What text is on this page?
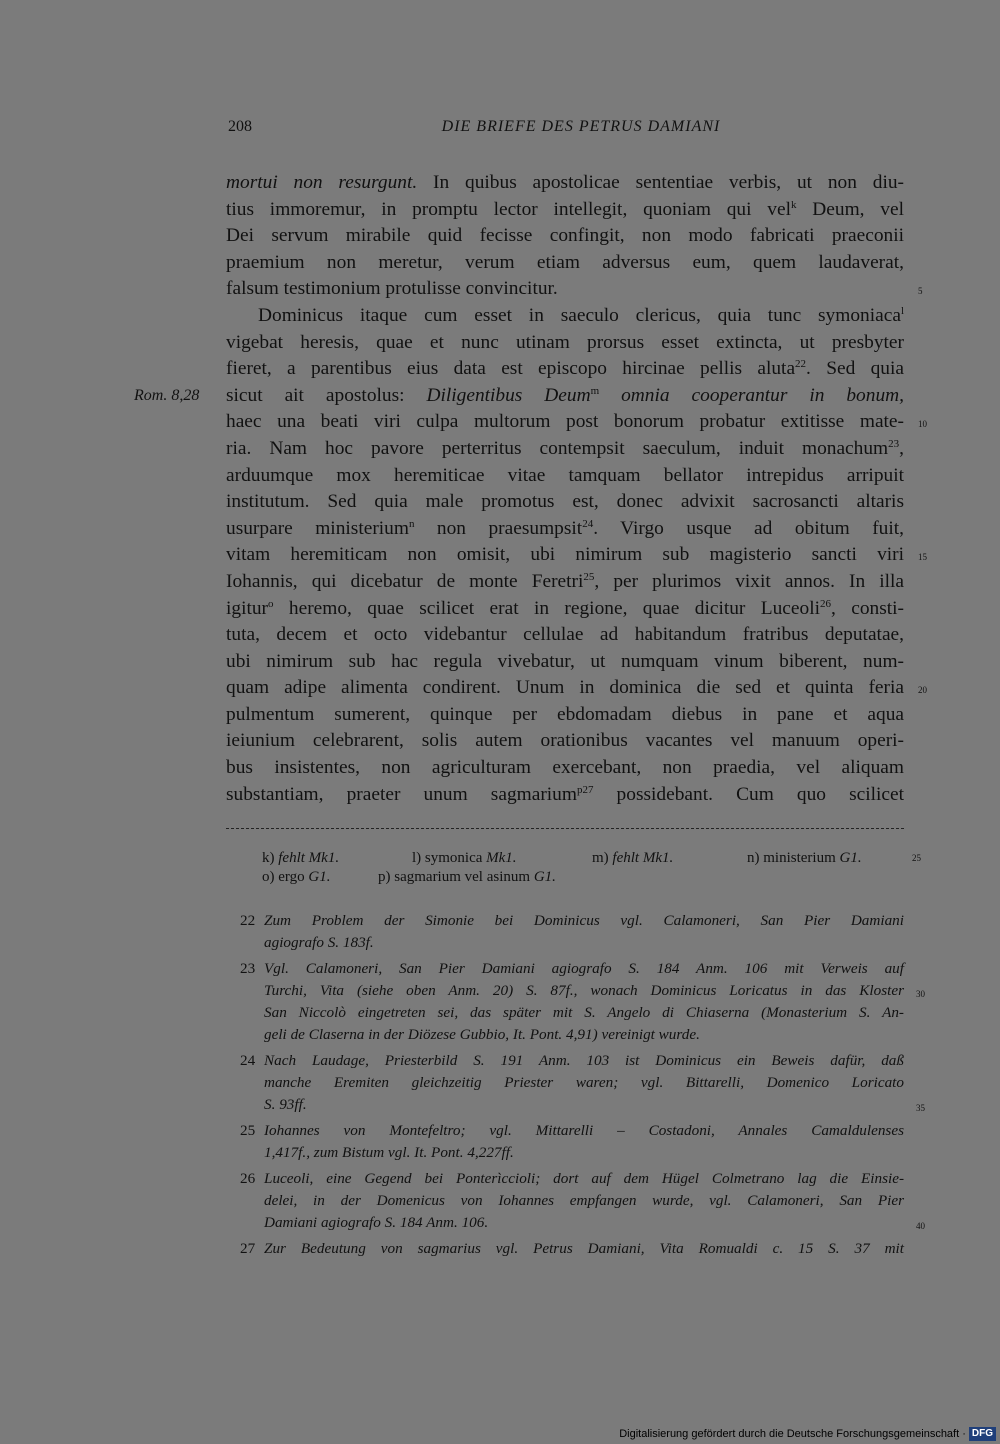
208	DIE BRIEFE DES PETRUS DAMIANI
mortui non resurgunt. In quibus apostolicae sententiae verbis, ut non diu-
tius immoremur, in promptu lector intellegit, quoniam qui vel$^k$ Deum, vel
Dei servum mirabile quid fecisse confingit, non modo fabricati praeconii
praemium non meretur, verum etiam adversus eum, quem laudaverat,
falsum testimonium protulisse convincitur.	5
Dominicus itaque cum esset in saeculo clericus, quia tunc symoniaca$^l$
vigebat heresis, quae et nunc utinam prorsus esset extincta, ut presbyter
fieret, a parentibus eius data est episcopo hircinae pellis aluta$^{22}$. Sed quia
Rom. 8,28 sicut ait apostolus: Diligentibus Deum$^m$ omnia cooperantur in bonum,
haec una beati viri culpa multorum post bonorum probatur extitisse mate- 10
ria. Nam hoc pavore perterritus contempsit saeculum, induit monachum$^{23}$,
arduumque mox heremiticae vitae tamquam bellator intrepidus arripuit
institutum. Sed quia male promotus est, donec advixit sacrosancti altaris
usurpare ministerium$^n$ non praesumpsit$^{24}$. Virgo usque ad obitum fuit,
vitam heremiticam non omisit, ubi nimirum sub magisterio sancti viri 15
Iohannis, qui dicebatur de monte Feretri$^{25}$, per plurimos vixit annos. In illa
igitur$^o$ heremo, quae scilicet erat in regione, quae dicitur Luceoli$^{26}$, consti-
tuta, decem et octo videbantur cellulae ad habitandum fratribus deputatae,
ubi nimirum sub hac regula vivebatur, ut numquam vinum biberent, num-
quam adipe alimenta condirent. Unum in dominica die sed et quinta feria 20
pulmentum sumerent, quinque per ebdomadam diebus in pane et aqua
ieiunium celebrarent, solis autem orationibus vacantes vel manuum operi-
bus insistentes, non agriculturam exercebant, non praedia, vel aliquam
substantiam, praeter unum sagmarium$^{p27}$ possidebant. Cum quo scilicet
k) fehlt Mk1.	l) symonica Mk1.	m) fehlt Mk1.	n) ministerium G1.	25
o) ergo G1.	p) sagmarium vel asinum G1.
22 Zum Problem der Simonie bei Dominicus vgl. Calamoneri, San Pier Damiani
agiografo S. 183f.
23 Vgl. Calamoneri, San Pier Damiani agiografo S. 184 Anm. 106 mit Verweis auf
Turchi, Vita (siehe oben Anm. 20) S. 87f., wonach Dominicus Loricatus in das Kloster 30
San Niccolò eingetreten sei, das später mit S. Angelo di Chiaserna (Monasterium S. An-
geli de Claserna in der Diözese Gubbio, It. Pont. 4,91) vereinigt wurde.
24 Nach Laudage, Priesterbild S. 191 Anm. 103 ist Dominicus ein Beweis dafür, daß
manche Eremiten gleichzeitig Priester waren; vgl. Bittarelli, Domenico Loricato
S. 93ff.	35
25 Iohannes von Montefeltro; vgl. Mittarelli – Costadoni, Annales Camaldulenses
1,417f., zum Bistum vgl. It. Pont. 4,227ff.
26 Luceoli, eine Gegend bei Ponterìccioli; dort auf dem Hügel Colmetrano lag die Einsie-
delei, in der Domenicus von Iohannes empfangen wurde, vgl. Calamoneri, San Pier
Damiani agiografo S. 184 Anm. 106.	40
27 Zur Bedeutung von sagmarius vgl. Petrus Damiani, Vita Romualdi c. 15 S. 37 mit
Digitalisierung gefördert durch die Deutsche Forschungsgemeinschaft · DFG
